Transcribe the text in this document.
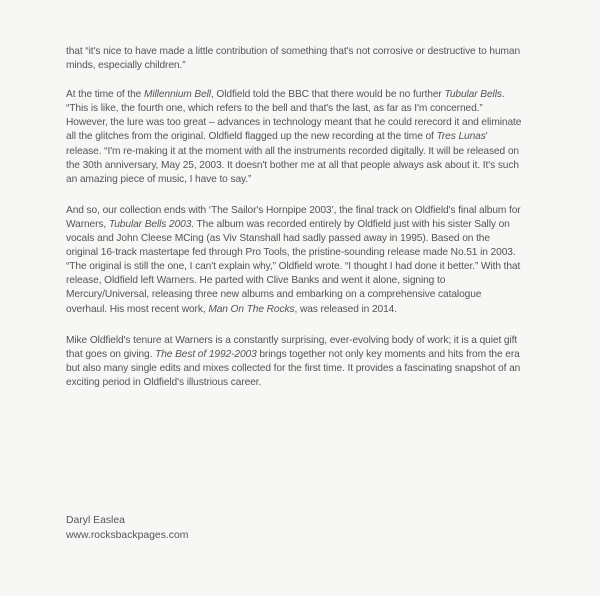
that “it's nice to have made a little contribution of something that's not corrosive or destructive to human minds, especially children.”

At the time of the Millennium Bell, Oldfield told the BBC that there would be no further Tubular Bells. “This is like, the fourth one, which refers to the bell and that's the last, as far as I'm concerned.” However, the lure was too great – advances in technology meant that he could rerecord it and eliminate all the glitches from the original. Oldfield flagged up the new recording at the time of Tres Lunas' release. “I'm re-making it at the moment with all the instruments recorded digitally. It will be released on the 30th anniversary, May 25, 2003. It doesn't bother me at all that people always ask about it. It's such an amazing piece of music, I have to say.”

And so, our collection ends with ‘The Sailor's Hornpipe 2003’, the final track on Oldfield's final album for Warners, Tubular Bells 2003. The album was recorded entirely by Oldfield just with his sister Sally on vocals and John Cleese MCing (as Viv Stanshall had sadly passed away in 1995). Based on the original 16-track mastertape fed through Pro Tools, the pristine-sounding release made No.51 in 2003. “The original is still the one, I can't explain why,” Oldfield wrote. “I thought I had done it better.” With that release, Oldfield left Warners. He parted with Clive Banks and went it alone, signing to Mercury/Universal, releasing three new albums and embarking on a comprehensive catalogue overhaul. His most recent work, Man On The Rocks, was released in 2014.

Mike Oldfield's tenure at Warners is a constantly surprising, ever-evolving body of work; it is a quiet gift that goes on giving. The Best of 1992-2003 brings together not only key moments and hits from the era but also many single edits and mixes collected for the first time. It provides a fascinating snapshot of an exciting period in Oldfield's illustrious career.

Daryl Easlea
www.rocksbackpages.com
